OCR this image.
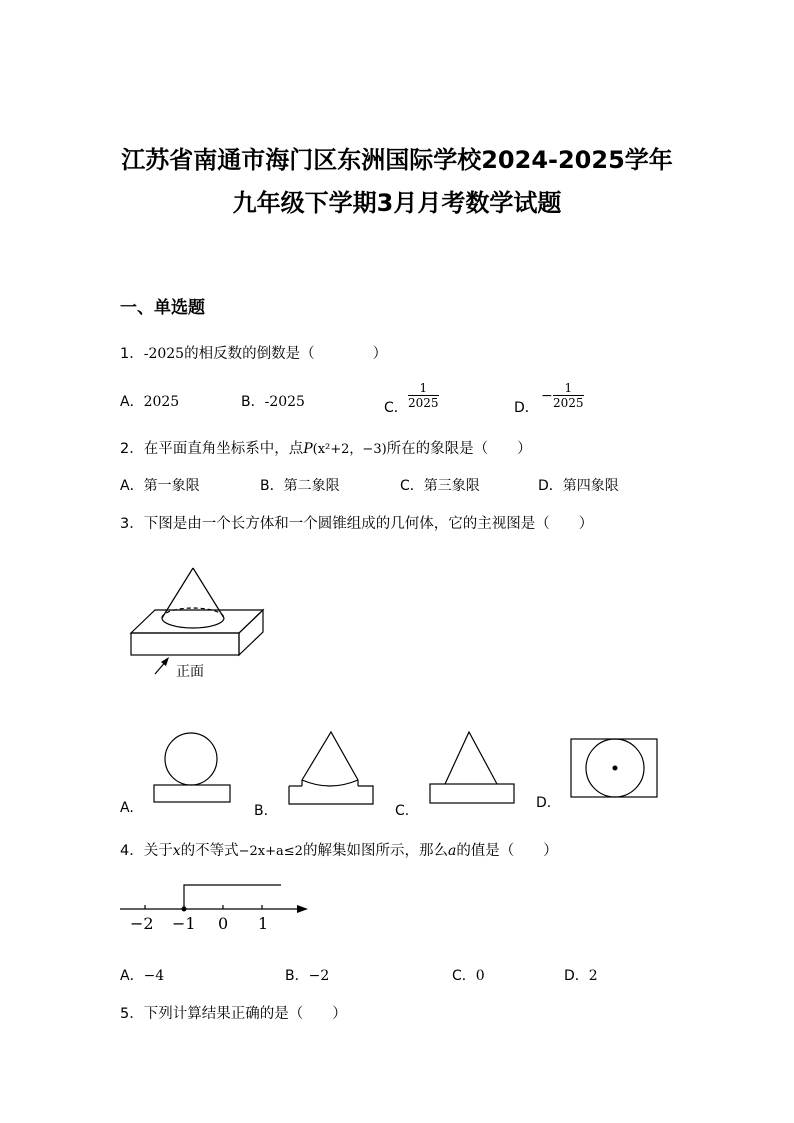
江苏省南通市海门区东洲国际学校2024-2025学年
九年级下学期3月月考数学试题
一、单选题
1．-2025的相反数的倒数是（　　　　）
A．2025	B．-2025	C． $\frac{1}{2025}$	D．
− $\frac{1}{2025}$
2．在平面直角坐标系中，点P(x²+2，−3)所在的象限是（　　）
A．第一象限	B．第二象限	C．第三象限	D．第四象限
3．下图是由一个长方体和一个圆锥组成的几何体，它的主视图是（　　）
正面
A.	B.	C.	D.
4．关于x的不等式−2x+a≤2的解集如图所示，那么a的值是（　　）
−2 −1 0 1
A．−4	B．−2	C．0	D．2
5．下列计算结果正确的是（　　）
